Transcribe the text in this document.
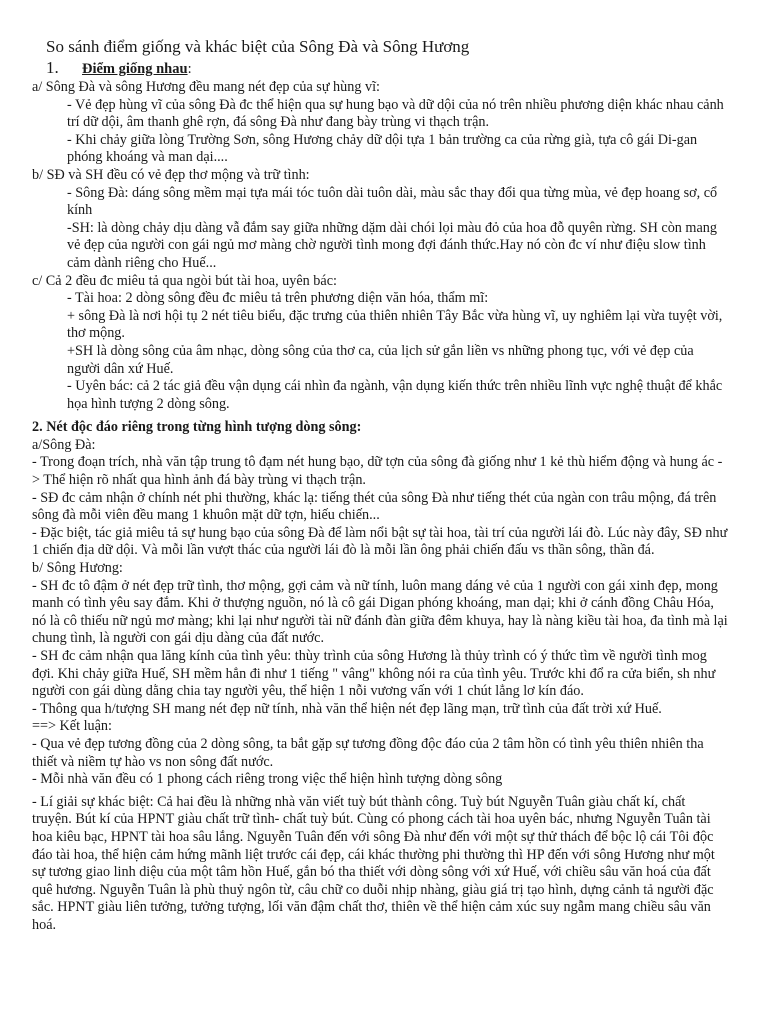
So sánh điểm giống và khác biệt của Sông Đà và Sông Hương
1. Điểm giống nhau:

a/ Sông Đà và sông Hương đều mang nét đẹp của sự hùng vĩ:

- Vẻ đẹp hùng vĩ của sông Đà đc thể hiện qua sự hung bạo và dữ dội của nó trên nhiều phương diện khác nhau cảnh trí dữ dội, âm thanh ghê rợn, đá sông Đà như đang bày trùng vi thạch trận.

- Khi chảy giữa lòng Trường Sơn, sông Hương chảy dữ dội tựa 1 bản trường ca của rừng già, tựa cô gái Di-gan phóng khoáng và man dại....

b/ SĐ và SH đều có vẻ đẹp thơ mộng và trữ tình:

- Sông Đà: dáng sông mềm mại tựa mái tóc tuôn dài tuôn dài, màu sắc thay đổi qua từng mùa, vẻ đẹp hoang sơ, cổ kính

-SH: là dòng chảy dịu dàng vẫ đắm say giữa những dặm dài chói lọi màu đỏ của hoa đỗ quyên rừng. SH còn mang vẻ đẹp của người con gái ngủ mơ màng chờ người tình mong đợi đánh thức.Hay nó còn đc ví như điệu slow tình cảm dành riêng cho Huế...

c/ Cả 2 đều đc miêu tả qua ngòi bút tài hoa, uyên bác:

- Tài hoa: 2 dòng sông đều đc miêu tả trên phương diện văn hóa, thẩm mĩ:

+ sông Đà là nơi hội tụ 2 nét tiêu biểu, đặc trưng của thiên nhiên Tây Bắc vừa hùng vĩ, uy nghiêm lại vừa tuyệt vời, thơ mộng.

+SH là dòng sông của âm nhạc, dòng sông của thơ ca, của lịch sử gắn liền vs những phong tục, với vẻ đẹp của người dân xứ Huế.

- Uyên bác: cả 2 tác giả đều vận dụng cái nhìn đa ngành, vận dụng kiến thức trên nhiều lĩnh vực nghệ thuật để khắc họa hình tượng 2 dòng sông.

2. Nét độc đáo riêng trong từng hình tượng dòng sông:

a/Sông Đà:

- Trong đoạn trích, nhà văn tập trung tô đạm nét hung bạo, dữ tợn của sông đà giống như 1 kẻ thù hiểm động và hung ác -> Thể hiện rõ nhất qua hình ảnh đá bày trùng vi thạch trận.

- SĐ đc cảm nhận ở chính nét phi thường, khác lạ: tiếng thét của sông Đà như tiếng thét của ngàn con trâu mộng, đá trên sông đà mỗi viên đều mang 1 khuôn mặt dữ tợn, hiếu chiến...

- Đặc biệt, tác giả miêu tả sự hung bạo của sông Đà để làm nổi bật sự tài hoa, tài trí của người lái đò. Lúc này đây, SĐ như 1 chiến địa dữ dội. Và mỗi lần vượt thác của người lái đò là mỗi lần ông phải chiến đấu vs thần sông, thần đá.

b/ Sông Hương:

- SH đc tô đậm ở nét đẹp trữ tình, thơ mộng, gợi cảm và nữ tính, luôn mang dáng vẻ của 1 người con gái xinh đẹp, mong manh có tình yêu say đắm. Khi ở thượng nguồn, nó là cô gái Digan phóng khoáng, man dại; khi ở cánh đồng Châu Hóa, nó là cô thiếu nữ ngủ mơ màng; khi lại như người tài nữ đánh đàn giữa đêm khuya, hay là nàng kiều tài hoa, đa tình mà lại chung tình, là người con gái dịu dàng của đất nước.

- SH đc cảm nhận qua lăng kính của tình yêu: thùy trình của sông Hương là thủy trình có ý thức tìm về người tình mog đợi. Khi chảy giữa Huế, SH mềm hẳn đi như 1 tiếng " vâng" không nói ra của tình yêu. Trước khi đổ ra cửa biển, sh như người con gái dùng dằng chia tay người yêu, thể hiện 1 nỗi vương vấn với 1 chút lẳng lơ kín đáo.

- Thông qua h/tượng SH mang nét đẹp nữ tính, nhà văn thể hiện nét đẹp lãng mạn, trữ tình của đất trời xứ Huế.

==> Kết luận:

- Qua vẻ đẹp tương đồng của 2 dòng sông, ta bắt gặp sự tương đồng độc đáo của 2 tâm hồn có tình yêu thiên nhiên tha thiết và niềm tự hào vs non sông đất nước.

- Mỗi nhà văn đều có 1 phong cách riêng trong việc thể hiện hình tượng dòng sông

- Lí giải sự khác biệt: Cả hai đều là những nhà văn viết tuỳ bút thành công. Tuỳ bút Nguyễn Tuân giàu chất kí, chất truyện. Bút kí của HPNT giàu chất trữ tình- chất tuỳ bút. Cùng có phong cách tài hoa uyên bác, nhưng Nguyễn Tuân tài hoa kiêu bạc, HPNT tài hoa sâu lắng. Nguyễn Tuân đến với sông Đà như đến với một sự thử thách để bộc lộ cái Tôi độc đáo tài hoa, thể hiện cảm hứng mãnh liệt trước cái đẹp, cái khác thường phi thường thì HP đến với sông Hương như một sự tương giao linh diệu của một tâm hồn Huế, gắn bó tha thiết với dòng sông với xứ Huế, với chiều sâu văn hoá của đất quê hương. Nguyễn Tuân là phù thuỷ ngôn từ, câu chữ co duỗi nhịp nhàng, giàu giá trị tạo hình, dựng cảnh tả người đặc sắc. HPNT giàu liên tưởng, tưởng tượng, lối văn đậm chất thơ, thiên về thể hiện cảm xúc suy ngẫm mang chiều sâu văn hoá.
